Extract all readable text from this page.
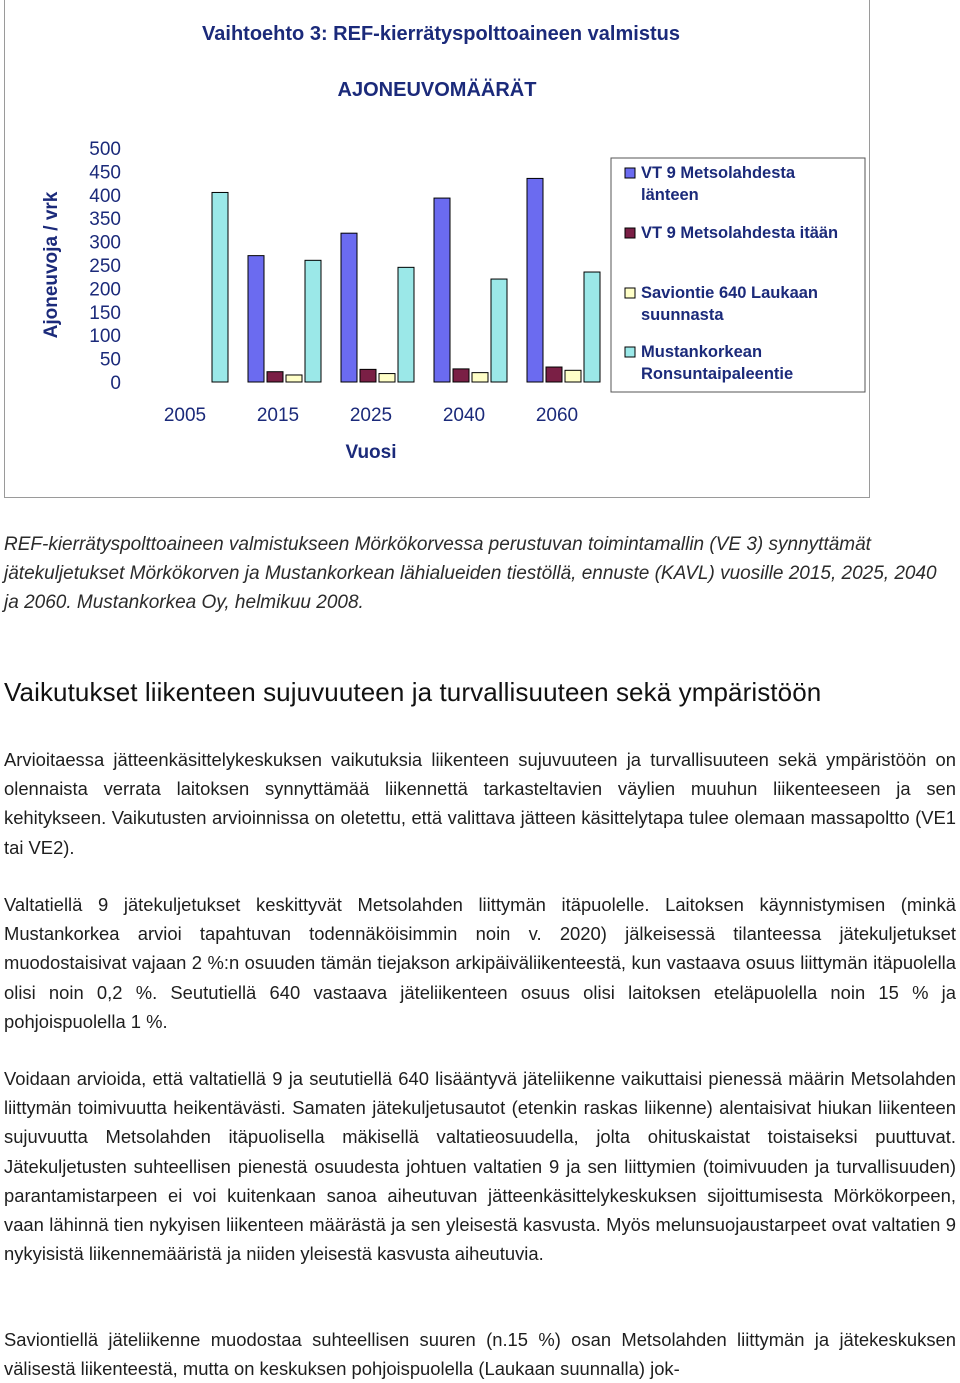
Vaihtoehto 3: REF-kierrätyspolttoaineen valmistus
AJONEUVOMÄÄRÄT
Ajoneuvoja / vrk
Vuosi
500
450
400
350
300
250
200
150
100
50
0
2005	2015	2025	2040	2060
VT 9 Metsolahdesta länteen
VT 9 Metsolahdesta itään
Saviontie 640 Laukaan suunnasta
Mustankorkean Ronsuntaipaleentie

REF-kierrätyspolttoaineen valmistukseen Mörkökorvessa perustuvan toimintamallin (VE 3) synnyttämät jätekuljetukset Mörkökorven ja Mustankorkean lähialueiden tiestöllä, ennuste (KAVL) vuosille 2015, 2025, 2040 ja 2060. Mustankorkea Oy, helmikuu 2008.

Vaikutukset liikenteen sujuvuuteen ja turvallisuuteen sekä ympäristöön

Arvioitaessa jätteenkäsittelykeskuksen vaikutuksia liikenteen sujuvuuteen ja turvallisuuteen sekä ympäristöön on olennaista verrata laitoksen synnyttämää liikennettä tarkasteltavien väylien muuhun liikenteeseen ja sen kehitykseen. Vaikutusten arvioinnissa on oletettu, että valittava jätteen käsittelytapa tulee olemaan massapoltto (VE1 tai VE2).

Valtatiellä 9 jätekuljetukset keskittyvät Metsolahden liittymän itäpuolelle. Laitoksen käynnistymisen (minkä Mustankorkea arvioi tapahtuvan todennäköisimmin noin v. 2020) jälkeisessä tilanteessa jätekuljetukset muodostaisivat vajaan 2 %:n osuuden tämän tiejakson arkipäiväliikenteestä, kun vastaava osuus liittymän itäpuolella olisi noin 0,2 %. Seututiellä 640 vastaava jäteliikenteen osuus olisi laitoksen eteläpuolella noin 15 % ja pohjoispuolella 1 %.

Voidaan arvioida, että valtatiellä 9 ja seututiellä 640 lisääntyvä jäteliikenne vaikuttaisi pienessä määrin Metsolahden liittymän toimivuutta heikentävästi. Samaten jätekuljetusautot (etenkin raskas liikenne) alentaisivat hiukan liikenteen sujuvuutta Metsolahden itäpuolisella mäkisellä valtatieosuudella, jolta ohituskaistat toistaiseksi puuttuvat. Jätekuljetusten suhteellisen pienestä osuudesta johtuen valtatien 9 ja sen liittymien (toimivuuden ja turvallisuuden) parantamistarpeen ei voi kuitenkaan sanoa aiheutuvan jätteenkäsittelykeskuksen sijoittumisesta Mörkökorpeen, vaan lähinnä tien nykyisen liikenteen määrästä ja sen yleisestä kasvusta. Myös melunsuojaustarpeet ovat valtatien 9 nykyisistä liikennemääristä ja niiden yleisestä kasvusta aiheutuvia.

Saviontiellä jäteliikenne muodostaa suhteellisen suuren (n.15 %) osan Metsolahden liittymän ja jätekeskuksen välisestä liikenteestä, mutta on keskuksen pohjoispuolella (Laukaan suunnalla) jok-
